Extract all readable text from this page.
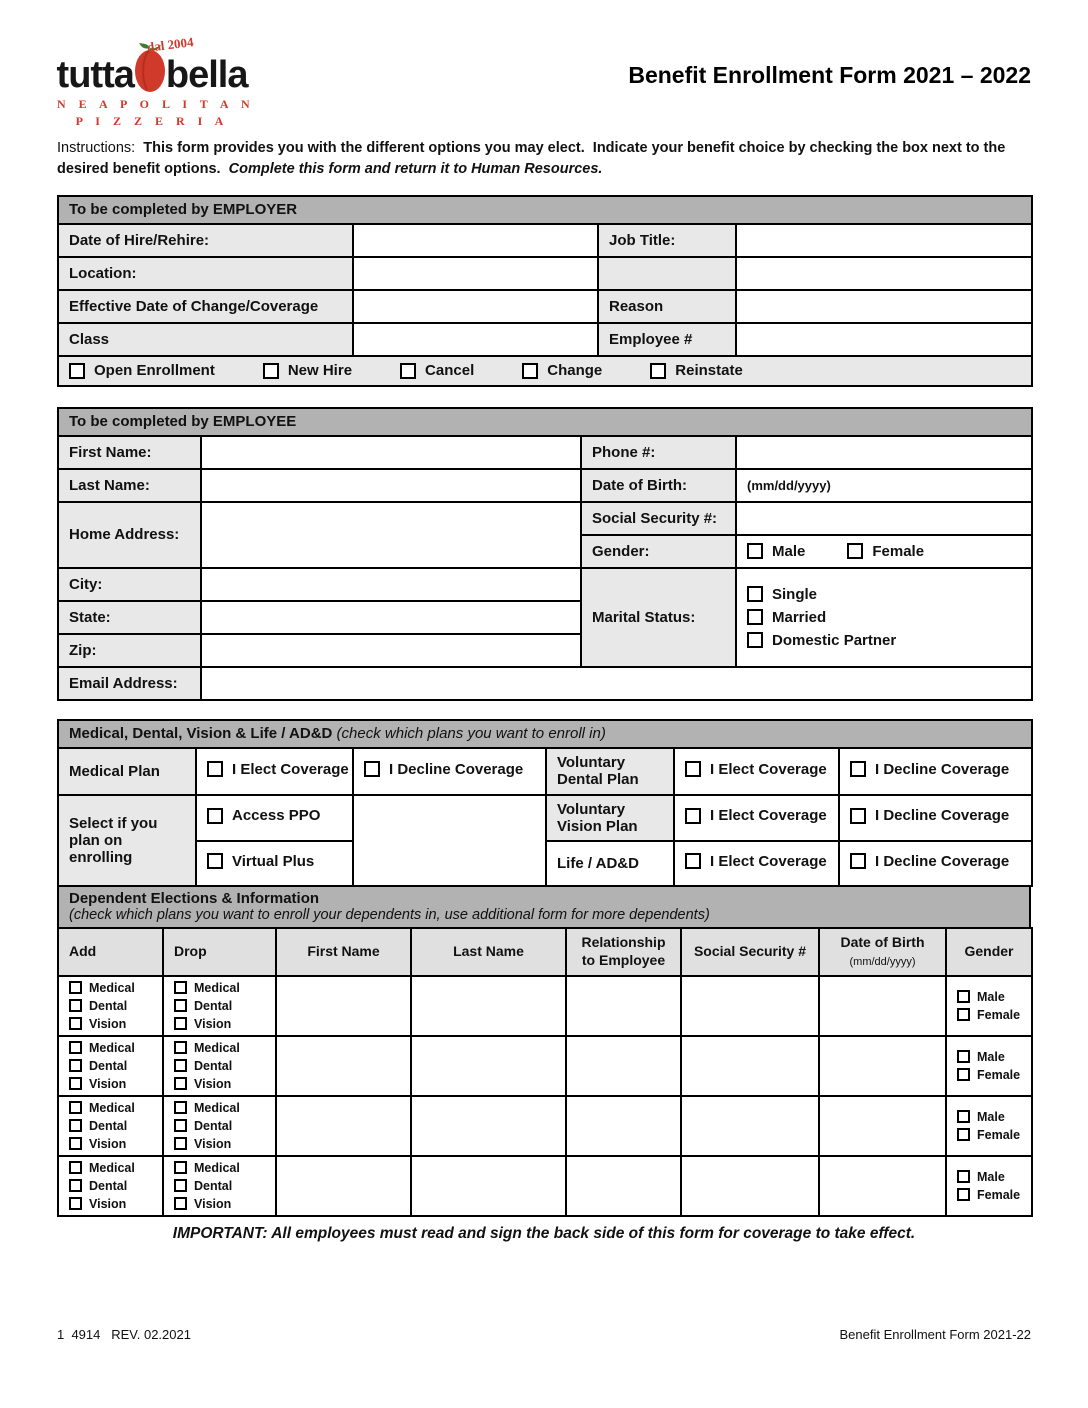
dal 2004
tutta bella
N E A P O L I T A N
P I Z Z E R I A
Benefit Enrollment Form 2021 – 2022

Instructions:  This form provides you with the different options you may elect.  Indicate your benefit choice by checking the box next to the desired benefit options.  Complete this form and return it to Human Resources.

To be completed by EMPLOYER			
Date of Hire/Rehire:		Job Title:	
Location:			
Effective Date of Change/Coverage		Reason	
Class		Employee #	

Open Enrollment New Hire Cancel Change Reinstate			
To be completed by EMPLOYEE			
First Name:		Phone #:	
Last Name:		Date of Birth:	(mm/dd/yyyy)
Home Address:		Social Security #:	
		Gender:	Male Female

City:		Marital Status:	Single
Married
Domestic Partner

State:			
Zip:			
Email Address:			
Medical, Dental, Vision & Life / AD&D (check which plans you want to enroll in)					
Medical Plan	I Elect Coverage	I Decline Coverage	Voluntary Dental Plan	I Elect Coverage	I Decline Coverage

Select if you plan on enrolling	Access PPO		Voluntary Vision Plan	I Elect Coverage	I Decline Coverage

	Virtual Plus		Life / AD&D	I Elect Coverage	I Decline Coverage
Dependent Elections & Information
(check which plans you want to enroll your dependents in, use additional form for more dependents)
Add	Drop	First Name	Last Name	Relationship to Employee	Social Security #	Date of Birth
(mm/dd/yyyy)	Gender

Medical
Dental
Vision	Medical
Dental
Vision						Male
Female

Medical
Dental
Vision	Medical
Dental
Vision						Male
Female

Medical
Dental
Vision	Medical
Dental
Vision						Male
Female

Medical
Dental
Vision	Medical
Dental
Vision						Male
Female

IMPORTANT: All employees must read and sign the back side of this form for coverage to take effect.

1  4914   REV. 02.2021	Benefit Enrollment Form 2021-22
